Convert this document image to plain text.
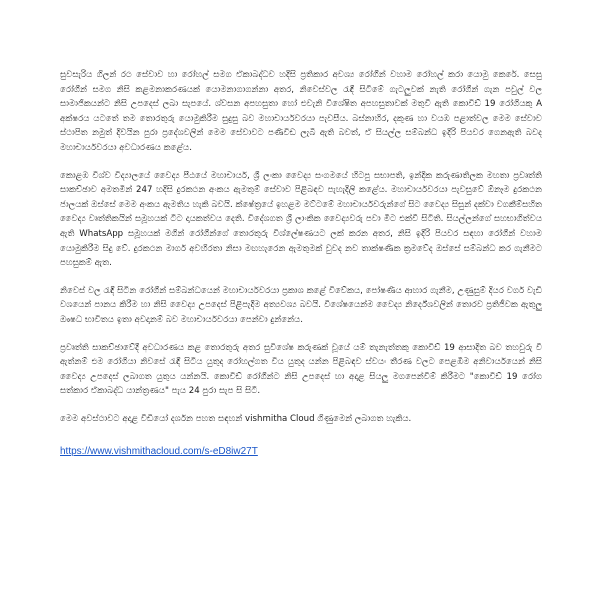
සුවසැරිය ගිලන් රථ සේවාව හා රෝහල් සමග ඒකාබද්ධව හදිසි ප්‍රතිකාර අවශ්‍ය රෝගීන් වහාම රෝහල් කරා යොමු කෙරේ. සෙසු රෝගීන් සමග නිසි කළමනාකරණයක් යොමනාගාගන්නා අතර, නිවෙස්වල රැඳී සිටීමේ ගැටලුවක් නැති රෝගීන් ගැන පවුල් වල සාමාජිකයන්ට නිසි උපදෙස් ලබා සැපයේ. ශ්වසන අපහසුතා හෝ එවැනි විශේෂිත අපහසුතාවක් මතුවී ඇති කොවිඩ් 19 රෝගියකු A අක්ෂරය යටතේ තම තොරතුරු යොමුකිරීම සුදුසු බව මහාචාර්යවරයා පැවසීය. බස්නාහිර, දකුණ හා වයඹ පළාත්වල මෙම සේවාව ස්ථාපිත නමුත් දිවයින පුරා ප්‍රදේශවලින් මෙම සේවාවට පණිවිඩ ලැබී ඇති බවත්, ඒ සියල්ල සම්බන්ධ ඉදිරි පියවර ගෙනඇති බවද මහාචාර්යවරයා අවධාරණය කළේය.

කොළඹ විශ්ව විද්‍යාලයේ වෛද්‍ය පීඨයේ මහාචාර්ය, ශ්‍රී ලංකා වෛද්‍ය සංගමයේ හිටපු සභාපති, ඉන්දික කරුණාතිලක මහතා ප්‍රවෘත්ති සාකච්ඡාව අමතමින් 247 හදිසි දුරකථන අංකය ඇමතුම් සේවාව පිළිබඳව පැහැදිලි කළේය. මහාචාර්යවරයා පැවසුවේ ඕනෑම දුරකථන ජාලයක් ඔස්සේ මෙම අංකය ඇමතිය හැකි බවයි. ක්ෂේත්‍රයේ ඉහළම මට්ටමේ මහාචාර්යවරුන්ගේ සිට වෛද්‍ය සිසුන් දක්වා වගකීම්සහිත වෛද්‍ය වෘත්තිකයින් සමූහයක් ටිට දායකත්වය දෙති. විදේශගත ශ්‍රී ලාංකික වෛද්‍යවරු පවා මීට එක්වී සිටිති. සියල්ලන්ගේ සහභාගිත්වය ඇති WhatsApp සමූහයක් මගින් රෝගීන්ගේ තොරතුරු විශ්ලේෂණයට ලක් කරන අතර, නිසි ඉදිරි පියවර සඳහා රෝගීන් වහාම යොමුකිරීම සිදු වේ. දුරකථන මාර්ග අවහිරතා නිසා මඟහැරෙන ඇමතුමක් වුවද නව තාක්ෂණික ක්‍රමවේද ඔස්සේ සම්බන්ධ කර ගැනීමට පහසුකම් ඇත.

නිවෙස් වල රැඳී සිටින රෝගීන් සම්බන්ධයෙන් මහාචාර්යවරයා ප්‍රකාශ කළේ විවේකය, පෝෂණීය ආහාර ගැනීම, උණුසුම් දියර වර්ග වැඩි වශයෙන් පානය කිරීම හා නිසි වෛද්‍ය උපදෙස් පිළිපැදීම අත්‍යවශ්‍ය බවයි. විශේෂයෙන්ම වෛද්‍ය නිර්දේශවලින් තොරව ප්‍රතිජීවක ඇතුලු ඖෂධ භාවිතය ඉතා අවදානම් බව මහාචාර්යවරයා පෙන්වා දුන්නේය.

ප්‍රවෘත්ති සාකච්ඡාවේදී අවධාරණය කළ තොරතුරු අතර සුවිශේෂ කරුණක් වූයේ යම් තැනැත්තකු කොවිඩ් 19 ආසාදිත බව තහවුරු වී ඇත්නම් එම රෝගියා නිවසේ රැඳී සිටිය යුතුද රෝහල්ගත විය යුතුද යන්න පිළිබඳව ස්වයං තීරණ වලට පෙළඹීම අනිවාර්යයෙන් නිසි වෛද්‍ය උපදෙස් ලබාගත යුතුය යන්නයි. කොවිඩ් රෝගීන්ට නිසි උපදෙස් හා අදාළ සියලු මගපෙන්වීම් කිරීමට "කොවිඩ් 19 රෝග සත්කාර ඒකාබද්ධ යාන්ත්‍රණය" පැය 24 පුරා සැප සි සිටී.

මෙම අවස්ථාවට අදාළ වීඩියෝ දර්ශන පහත සඳහන් vishmitha Cloud ගිණුමෙන් ලබාගත හැකිය.

https://www.vishmithacloud.com/s-eD8iw27T
